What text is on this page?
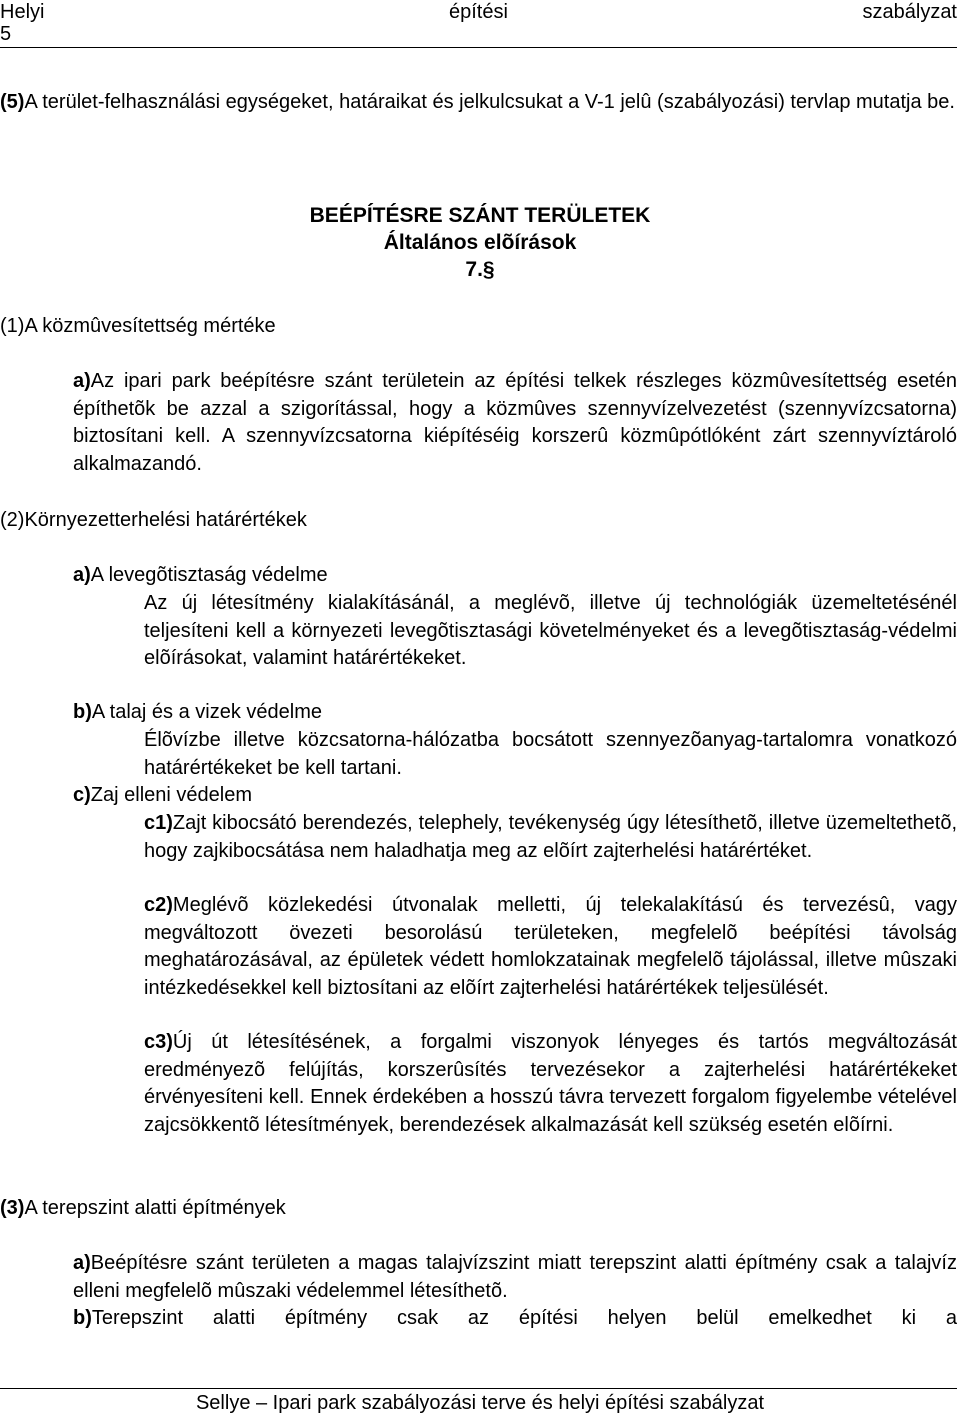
Helyi	építési	szabályzat
5
(5)A terület-felhasználási egységeket, határaikat és jelkulcsukat a V-1 jelû (szabályozási) tervlap mutatja be.
BEÉPÍTÉSRE SZÁNT TERÜLETEK
Általános elõírások
7.§
(1)A közmûvesítettség mértéke
a)Az ipari park beépítésre szánt területein az építési telkek részleges közmûvesítettség esetén építhetõk be azzal a szigorítással, hogy a közmûves szennyvízelvezetést (szennyvízcsatorna) biztosítani kell. A szennyvízcsatorna kiépítéséig korszerû közmûpótlóként zárt szennyvíztároló alkalmazandó.
(2)Környezetterhelési határértékek
a)A levegõtisztaság védelme
Az új létesítmény kialakításánál, a meglévõ, illetve új technológiák üzemeltetésénél teljesíteni kell a környezeti levegõtisztasági követelményeket és a levegõtisztaság-védelmi elõírásokat, valamint határértékeket.
b)A talaj és a vizek védelme
Élõvízbe illetve közcsatorna-hálózatba bocsátott szennyezõanyag-tartalomra vonatkozó határértékeket be kell tartani.
c)Zaj elleni védelem
c1)Zajt kibocsátó berendezés, telephely, tevékenység úgy létesíthetõ, illetve üzemeltethetõ, hogy zajkibocsátása nem haladhatja meg az elõírt zajterhelési határértéket.
c2)Meglévõ közlekedési útvonalak melletti, új telekalakítású és tervezésû, vagy megváltozott övezeti besorolású területeken, megfelelõ beépítési távolság meghatározásával, az épületek védett homlokzatainak megfelelõ tájolással, illetve mûszaki intézkedésekkel kell biztosítani az elõírt zajterhelési határértékek teljesülését.
c3)Új út létesítésének, a forgalmi viszonyok lényeges és tartós megváltozását eredményezõ felújítás, korszerûsítés tervezésekor a zajterhelési határértékeket érvényesíteni kell. Ennek érdekében a hosszú távra tervezett forgalom figyelembe vételével zajcsökkentõ létesítmények, berendezések alkalmazását kell szükség esetén elõírni.
(3)A terepszint alatti építmények
a)Beépítésre szánt területen a magas talajvízszint miatt terepszint alatti építmény csak a talajvíz elleni megfelelõ mûszaki védelemmel létesíthetõ.
b)Terepszint alatti építmény csak az építési helyen belül emelkedhet ki a
Sellye – Ipari park szabályozási terve és helyi építési szabályzat
